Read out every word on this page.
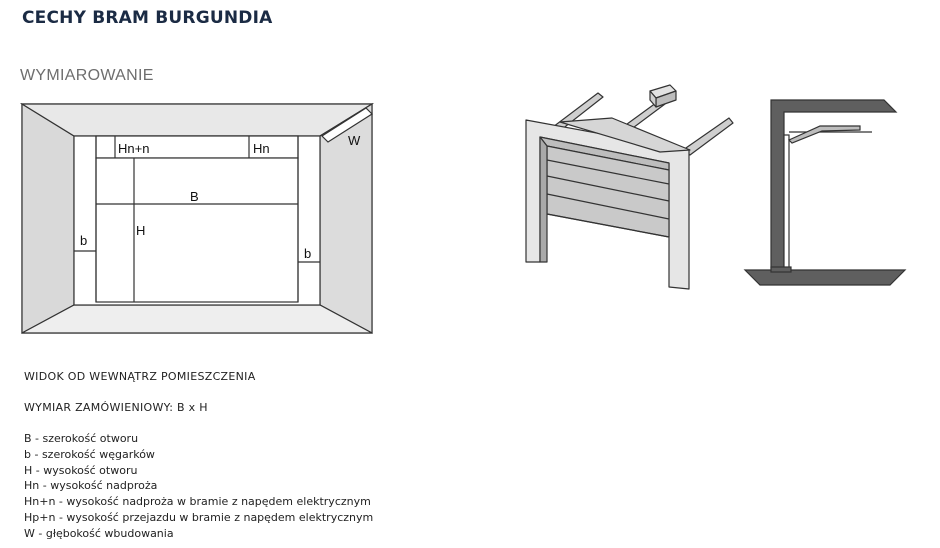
CECHY BRAM BURGUNDIA
WYMIAROWANIE
Hn+n	Hn
W
B
H
b
b
WIDOK OD WEWNĄTRZ POMIESZCZENIA
WYMIAR ZAMÓWIENIOWY: B x H
B - szerokość otworu
b - szerokość węgarków
H - wysokość otworu
Hn - wysokość nadproża
Hn+n - wysokość nadproża w bramie z napędem elektrycznym
Hp+n - wysokość przejazdu w bramie z napędem elektrycznym
W - głębokość wbudowania
